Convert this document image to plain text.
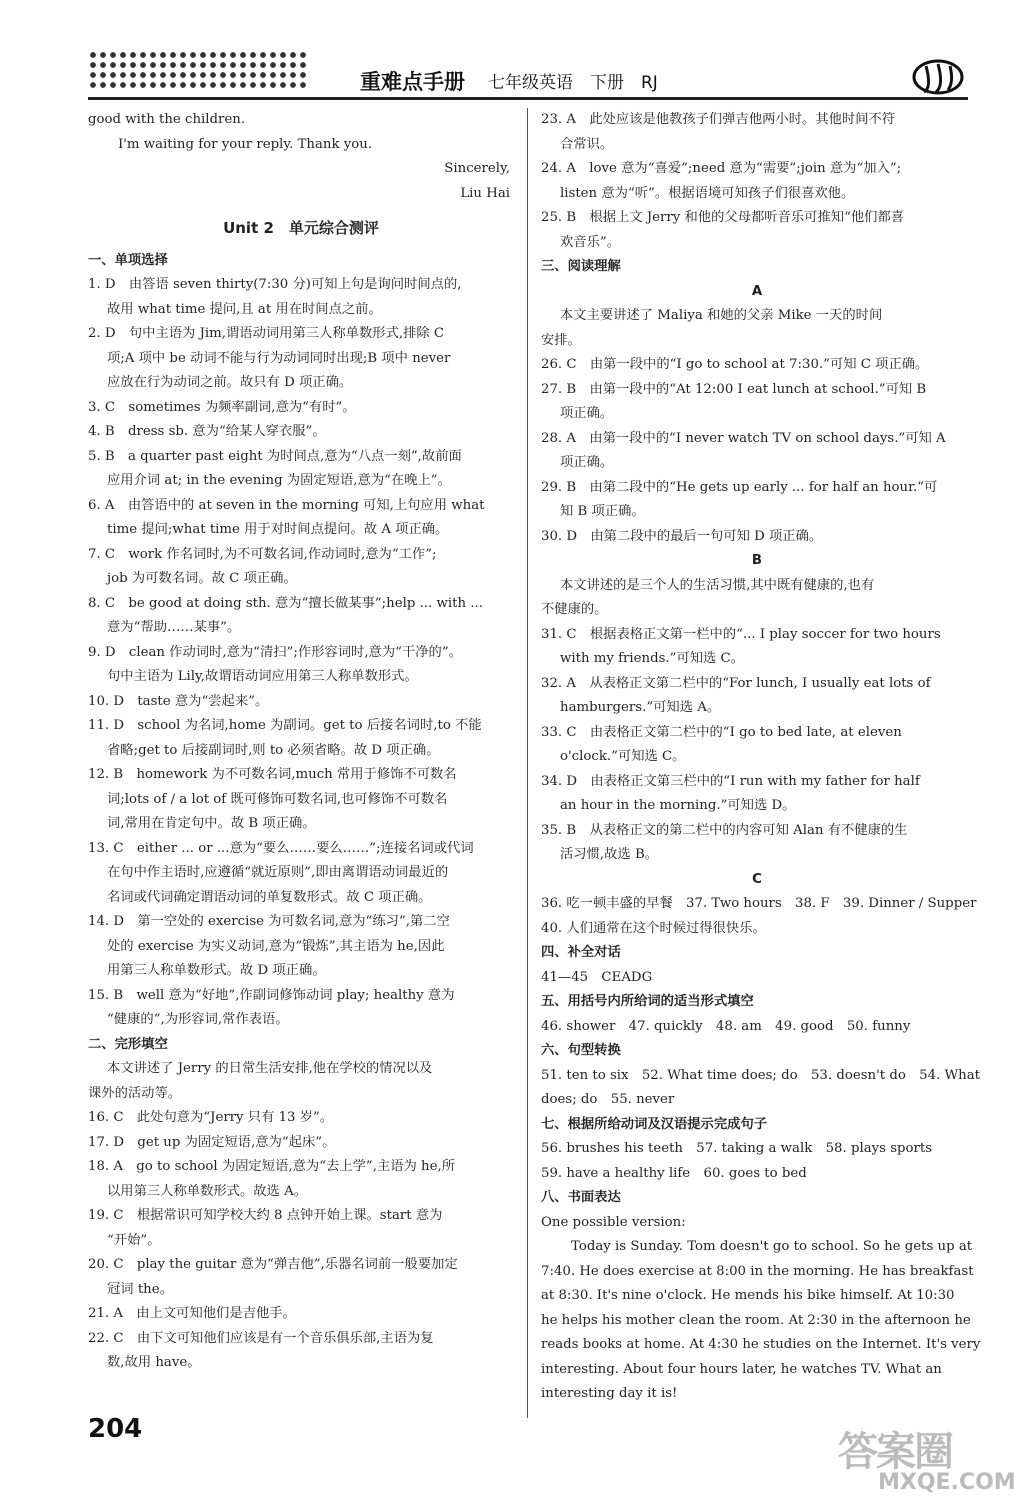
重难点手册 七年级英语　下册　RJ
good with the children.
I'm waiting for your reply. Thank you.
Sincerely,
Liu Hai
Unit 2　单元综合测评
一、单项选择
1. D　由答语 seven thirty(7:30 分)可知上句是询问时间点的,
故用 what time 提问,且 at 用在时间点之前。
2. D　句中主语为 Jim,谓语动词用第三人称单数形式,排除 C
项;A 项中 be 动词不能与行为动词同时出现;B 项中 never
应放在行为动词之前。故只有 D 项正确。
3. C　sometimes 为频率副词,意为“有时”。
4. B　dress sb. 意为“给某人穿衣服”。
5. B　a quarter past eight 为时间点,意为“八点一刻”,故前面
应用介词 at; in the evening 为固定短语,意为“在晚上”。
6. A　由答语中的 at seven in the morning 可知,上句应用 what
time 提问;what time 用于对时间点提问。故 A 项正确。
7. C　work 作名词时,为不可数名词,作动词时,意为“工作”;
job 为可数名词。故 C 项正确。
8. C　be good at doing sth. 意为“擅长做某事”;help ... with ...
意为“帮助……某事”。
9. D　clean 作动词时,意为“清扫”;作形容词时,意为“干净的”。
句中主语为 Lily,故谓语动词应用第三人称单数形式。
10. D　taste 意为“尝起来”。
11. D　school 为名词,home 为副词。get to 后接名词时,to 不能
省略;get to 后接副词时,则 to 必须省略。故 D 项正确。
12. B　homework 为不可数名词,much 常用于修饰不可数名
词;lots of / a lot of 既可修饰可数名词,也可修饰不可数名
词,常用在肯定句中。故 B 项正确。
13. C　either ... or ...意为“要么……要么……”;连接名词或代词
在句中作主语时,应遵循“就近原则”,即由离谓语动词最近的
名词或代词确定谓语动词的单复数形式。故 C 项正确。
14. D　第一空处的 exercise 为可数名词,意为“练习”,第二空
处的 exercise 为实义动词,意为“锻炼”,其主语为 he,因此
用第三人称单数形式。故 D 项正确。
15. B　well 意为“好地”,作副词修饰动词 play; healthy 意为
“健康的”,为形容词,常作表语。
二、完形填空
本文讲述了 Jerry 的日常生活安排,他在学校的情况以及
课外的活动等。
16. C　此处句意为“Jerry 只有 13 岁”。
17. D　get up 为固定短语,意为“起床”。
18. A　go to school 为固定短语,意为“去上学”,主语为 he,所
以用第三人称单数形式。故选 A。
19. C　根据常识可知学校大约 8 点钟开始上课。start 意为
“开始”。
20. C　play the guitar 意为“弹吉他”,乐器名词前一般要加定
冠词 the。
21. A　由上文可知他们是吉他手。
22. C　由下文可知他们应该是有一个音乐俱乐部,主语为复
数,故用 have。
23. A　此处应该是他教孩子们弹吉他两小时。其他时间不符
合常识。
24. A　love 意为“喜爱”;need 意为“需要”;join 意为“加入”;
listen 意为“听”。根据语境可知孩子们很喜欢他。
25. B　根据上文 Jerry 和他的父母都听音乐可推知“他们都喜
欢音乐”。
三、阅读理解
A
本文主要讲述了 Maliya 和她的父亲 Mike 一天的时间
安排。
26. C　由第一段中的“I go to school at 7:30.”可知 C 项正确。
27. B　由第一段中的“At 12:00 I eat lunch at school.”可知 B
项正确。
28. A　由第一段中的“I never watch TV on school days.”可知 A
项正确。
29. B　由第二段中的“He gets up early ... for half an hour.”可
知 B 项正确。
30. D　由第二段中的最后一句可知 D 项正确。
B
本文讲述的是三个人的生活习惯,其中既有健康的,也有
不健康的。
31. C　根据表格正文第一栏中的“... I play soccer for two hours
with my friends.”可知选 C。
32. A　从表格正文第二栏中的“For lunch, I usually eat lots of
hamburgers.”可知选 A。
33. C　由表格正文第二栏中的“I go to bed late, at eleven
o'clock.”可知选 C。
34. D　由表格正文第三栏中的“I run with my father for half
an hour in the morning.”可知选 D。
35. B　从表格正文的第二栏中的内容可知 Alan 有不健康的生
活习惯,故选 B。
C
36. 吃一顿丰盛的早餐　37. Two hours　38. F　39. Dinner / Supper
40. 人们通常在这个时候过得很快乐。
四、补全对话
41—45　CEADG
五、用括号内所给词的适当形式填空
46. shower　47. quickly　48. am　49. good　50. funny
六、句型转换
51. ten to six　52. What time does; do　53. doesn't do　54. What
does; do　55. never
七、根据所给动词及汉语提示完成句子
56. brushes his teeth　57. taking a walk　58. plays sports
59. have a healthy life　60. goes to bed
八、书面表达
One possible version:
Today is Sunday. Tom doesn't go to school. So he gets up at
7:40. He does exercise at 8:00 in the morning. He has breakfast
at 8:30. It's nine o'clock. He mends his bike himself. At 10:30
he helps his mother clean the room. At 2:30 in the afternoon he
reads books at home. At 4:30 he studies on the Internet. It's very
interesting. About four hours later, he watches TV. What an
interesting day it is!
204	答案圈
MXQE.COM
